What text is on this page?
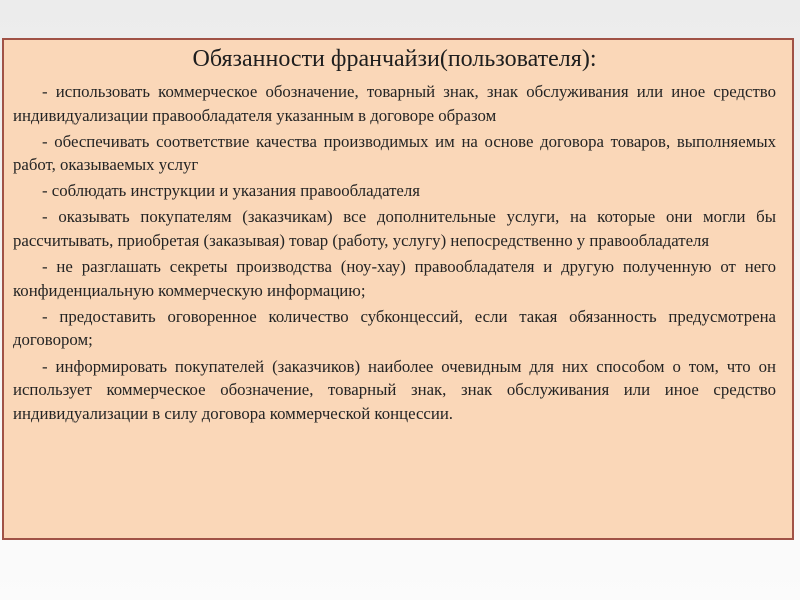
Обязанности франчайзи(пользователя):

- использовать коммерческое обозначение, товарный знак, знак обслуживания или иное средство индивидуализации правообладателя указанным в договоре образом

- обеспечивать соответствие качества производимых им на основе договора товаров, выполняемых работ, оказываемых услуг

- соблюдать инструкции и указания правообладателя

- оказывать покупателям (заказчикам) все дополнительные услуги, на которые они могли бы рассчитывать, приобретая (заказывая) товар (работу, услугу) непосредственно у правообладателя

- не разглашать секреты производства (ноу-хау) правообладателя и другую полученную от него конфиденциальную коммерческую информацию;

- предоставить оговоренное количество субконцессий, если такая обязанность предусмотрена договором;

- информировать покупателей (заказчиков) наиболее очевидным для них способом о том, что он использует коммерческое обозначение, товарный знак, знак обслуживания или иное средство индивидуализации в силу договора коммерческой концессии.
